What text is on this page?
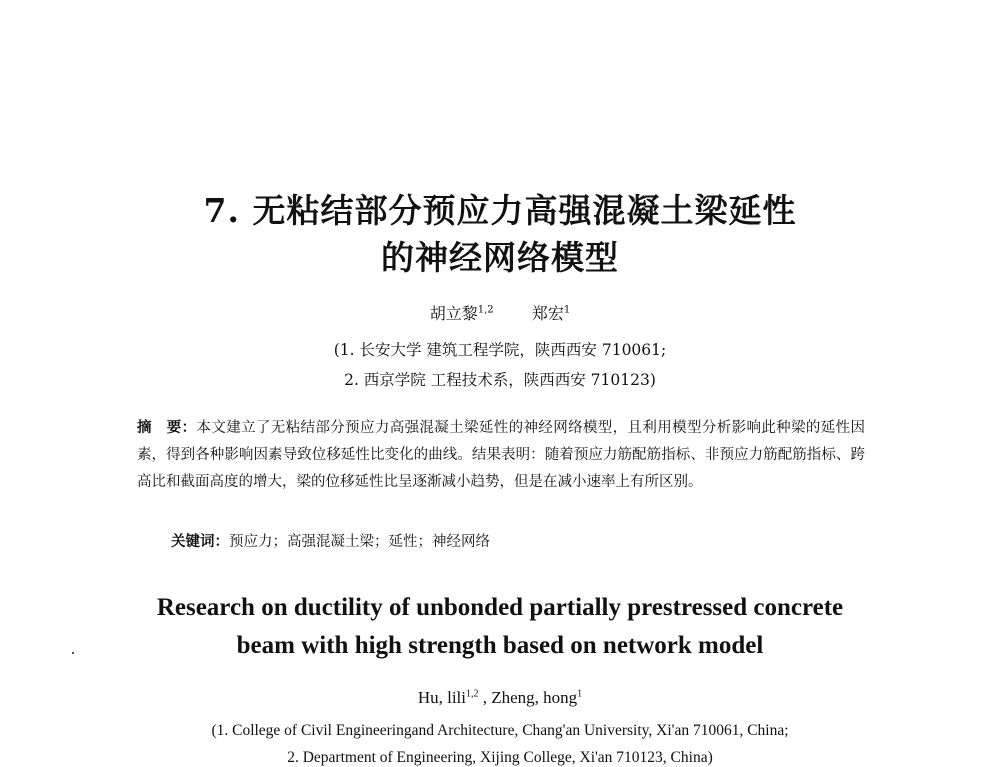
7. 无粘结部分预应力高强混凝土梁延性
的神经网络模型
胡立黎$^{1,2}$ 郑宏$^1$
(1. 长安大学 建筑工程学院，陕西西安 710061;
2. 西京学院 工程技术系，陕西西安 710123)
摘　要：本文建立了无粘结部分预应力高强混凝土梁延性的神经网络模型，且利用模型分析影响此种梁的延性因素，得到各种影响因素导致位移延性比变化的曲线。结果表明：随着预应力筋配筋指标、非预应力筋配筋指标、跨高比和截面高度的增大，梁的位移延性比呈逐渐减小趋势，但是在减小速率上有所区别。
关键词：预应力；高强混凝土梁；延性；神经网络
Research on ductility of unbonded partially prestressed concrete
beam with high strength based on network model
Hu, lili$^{1,2}$ , Zheng, hong$^1$
(1. College of Civil Engineeringand Architecture, Chang'an University, Xi'an 710061, China;
2. Department of Engineering, Xijing College, Xi'an 710123, China)
